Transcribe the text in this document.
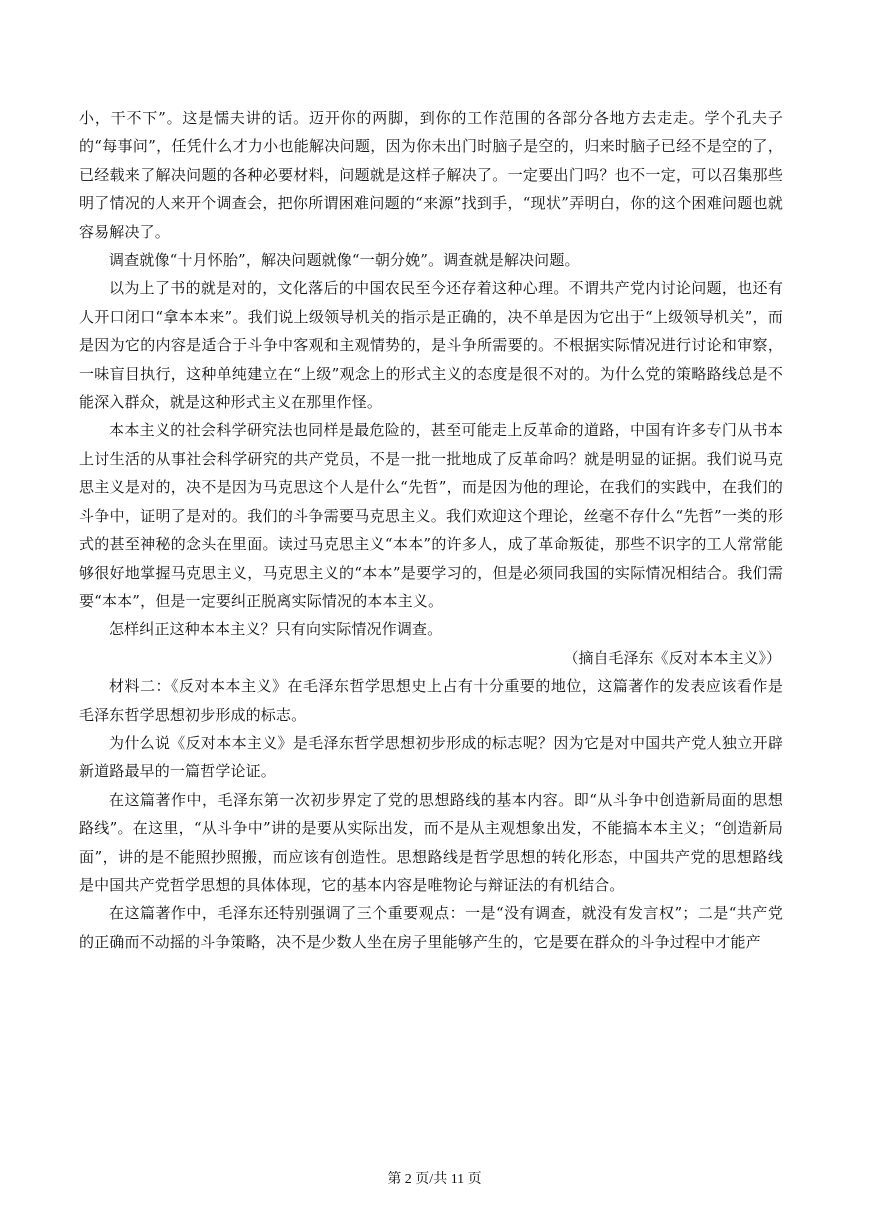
小，干不下”。这是懦夫讲的话。迈开你的两脚，到你的工作范围的各部分各地方去走走。学个孔夫子的“每事问”，任凭什么才力小也能解决问题，因为你未出门时脑子是空的，归来时脑子已经不是空的了，已经载来了解决问题的各种必要材料，问题就是这样子解决了。一定要出门吗？也不一定，可以召集那些明了情况的人来开个调查会，把你所谓困难问题的“来源”找到手，“现状”弄明白，你的这个困难问题也就容易解决了。

调查就像“十月怀胎”，解决问题就像“一朝分娩”。调查就是解决问题。

以为上了书的就是对的，文化落后的中国农民至今还存着这种心理。不谓共产党内讨论问题，也还有人开口闭口“拿本本来”。我们说上级领导机关的指示是正确的，决不单是因为它出于“上级领导机关”，而是因为它的内容是适合于斗争中客观和主观情势的，是斗争所需要的。不根据实际情况进行讨论和审察，一味盲目执行，这种单纯建立在“上级”观念上的形式主义的态度是很不对的。为什么党的策略路线总是不能深入群众，就是这种形式主义在那里作怪。

本本主义的社会科学研究法也同样是最危险的，甚至可能走上反革命的道路，中国有许多专门从书本上讨生活的从事社会科学研究的共产党员，不是一批一批地成了反革命吗？就是明显的证据。我们说马克思主义是对的，决不是因为马克思这个人是什么“先哲”，而是因为他的理论，在我们的实践中，在我们的斗争中，证明了是对的。我们的斗争需要马克思主义。我们欢迎这个理论，丝毫不存什么“先哲”一类的形式的甚至神秘的念头在里面。读过马克思主义“本本”的许多人，成了革命叛徒，那些不识字的工人常常能够很好地掌握马克思主义，马克思主义的“本本”是要学习的，但是必须同我国的实际情况相结合。我们需要“本本”，但是一定要纠正脱离实际情况的本本主义。

怎样纠正这种本本主义？只有向实际情况作调查。

（摘自毛泽东《反对本本主义》）

材料二：《反对本本主义》在毛泽东哲学思想史上占有十分重要的地位，这篇著作的发表应该看作是毛泽东哲学思想初步形成的标志。

为什么说《反对本本主义》是毛泽东哲学思想初步形成的标志呢？因为它是对中国共产党人独立开辟新道路最早的一篇哲学论证。

在这篇著作中，毛泽东第一次初步界定了党的思想路线的基本内容。即“从斗争中创造新局面的思想路线”。在这里，“从斗争中”讲的是要从实际出发，而不是从主观想象出发，不能搞本本主义；“创造新局面”，讲的是不能照抄照搬，而应该有创造性。思想路线是哲学思想的转化形态，中国共产党的思想路线是中国共产党哲学思想的具体体现，它的基本内容是唯物论与辩证法的有机结合。

在这篇著作中，毛泽东还特别强调了三个重要观点：一是“没有调查，就没有发言权”；二是“共产党的正确而不动摇的斗争策略，决不是少数人坐在房子里能够产生的，它是要在群众的斗争过程中才能产

第 2 页/共 11 页
